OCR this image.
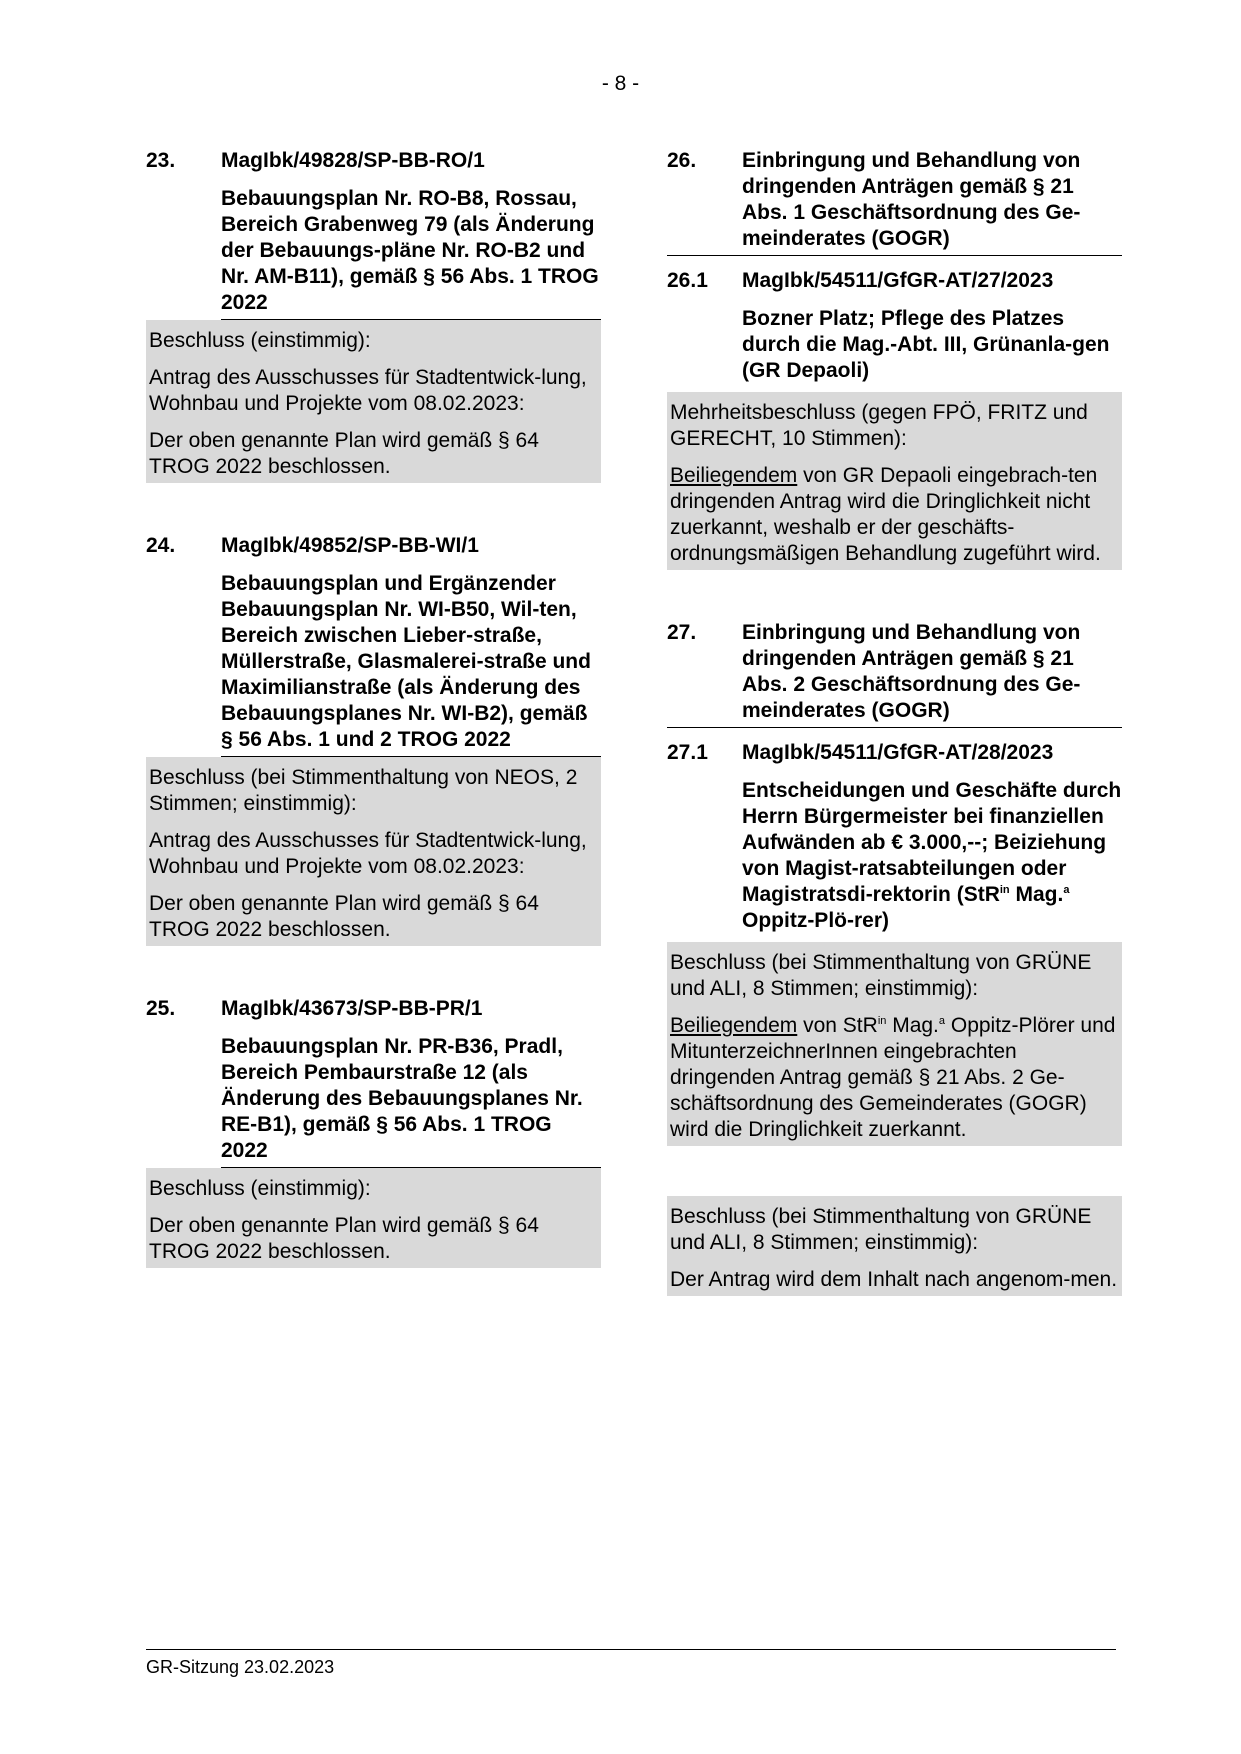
- 8 -
23.	MagIbk/49828/SP-BB-RO/1
Bebauungsplan Nr. RO-B8, Rossau, Bereich Grabenweg 79 (als Änderung der Bebauungs-pläne Nr. RO-B2 und Nr. AM-B11), gemäß § 56 Abs. 1 TROG 2022

Beschluss (einstimmig):

Antrag des Ausschusses für Stadtentwick-lung, Wohnbau und Projekte vom 08.02.2023:

Der oben genannte Plan wird gemäß § 64 TROG 2022 beschlossen.

24.	MagIbk/49852/SP-BB-WI/1
Bebauungsplan und Ergänzender Bebauungsplan Nr. WI-B50, Wil-ten, Bereich zwischen Lieber-straße, Müllerstraße, Glasmalerei-straße und Maximilianstraße (als Änderung des Bebauungsplanes Nr. WI-B2), gemäß § 56 Abs. 1 und 2 TROG 2022

Beschluss (bei Stimmenthaltung von NEOS, 2 Stimmen; einstimmig):

Antrag des Ausschusses für Stadtentwick-lung, Wohnbau und Projekte vom 08.02.2023:

Der oben genannte Plan wird gemäß § 64 TROG 2022 beschlossen.

25.	MagIbk/43673/SP-BB-PR/1
Bebauungsplan Nr. PR-B36, Pradl, Bereich Pembaurstraße 12 (als Änderung des Bebauungsplanes Nr. RE-B1), gemäß § 56 Abs. 1 TROG 2022

Beschluss (einstimmig):

Der oben genannte Plan wird gemäß § 64 TROG 2022 beschlossen.

26.	Einbringung und Behandlung von dringenden Anträgen gemäß § 21 Abs. 1 Geschäftsordnung des Ge-meinderates (GOGR)
26.1	MagIbk/54511/GfGR-AT/27/2023
Bozner Platz; Pflege des Platzes durch die Mag.-Abt. III, Grünanla-gen (GR Depaoli)

Mehrheitsbeschluss (gegen FPÖ, FRITZ und GERECHT, 10 Stimmen):

Beiliegendem von GR Depaoli eingebrach-ten dringenden Antrag wird die Dringlichkeit nicht zuerkannt, weshalb er der geschäfts-ordnungsmäßigen Behandlung zugeführt wird.

27.	Einbringung und Behandlung von dringenden Anträgen gemäß § 21 Abs. 2 Geschäftsordnung des Ge-meinderates (GOGR)
27.1	MagIbk/54511/GfGR-AT/28/2023
Entscheidungen und Geschäfte durch Herrn Bürgermeister bei finanziellen Aufwänden ab € 3.000,--; Beiziehung von Magist-ratsabteilungen oder Magistratsdi-rektorin (StR$^{in}$ Mag.$^a$ Oppitz-Plö-rer)

Beschluss (bei Stimmenthaltung von GRÜNE und ALI, 8 Stimmen; einstimmig):

Beiliegendem von StR$^{in}$ Mag.$^a$ Oppitz-Plörer und MitunterzeichnerInnen eingebrachten dringenden Antrag gemäß § 21 Abs. 2 Ge-schäftsordnung des Gemeinderates (GOGR) wird die Dringlichkeit zuerkannt.

Beschluss (bei Stimmenthaltung von GRÜNE und ALI, 8 Stimmen; einstimmig):

Der Antrag wird dem Inhalt nach angenom-men.

GR-Sitzung 23.02.2023
